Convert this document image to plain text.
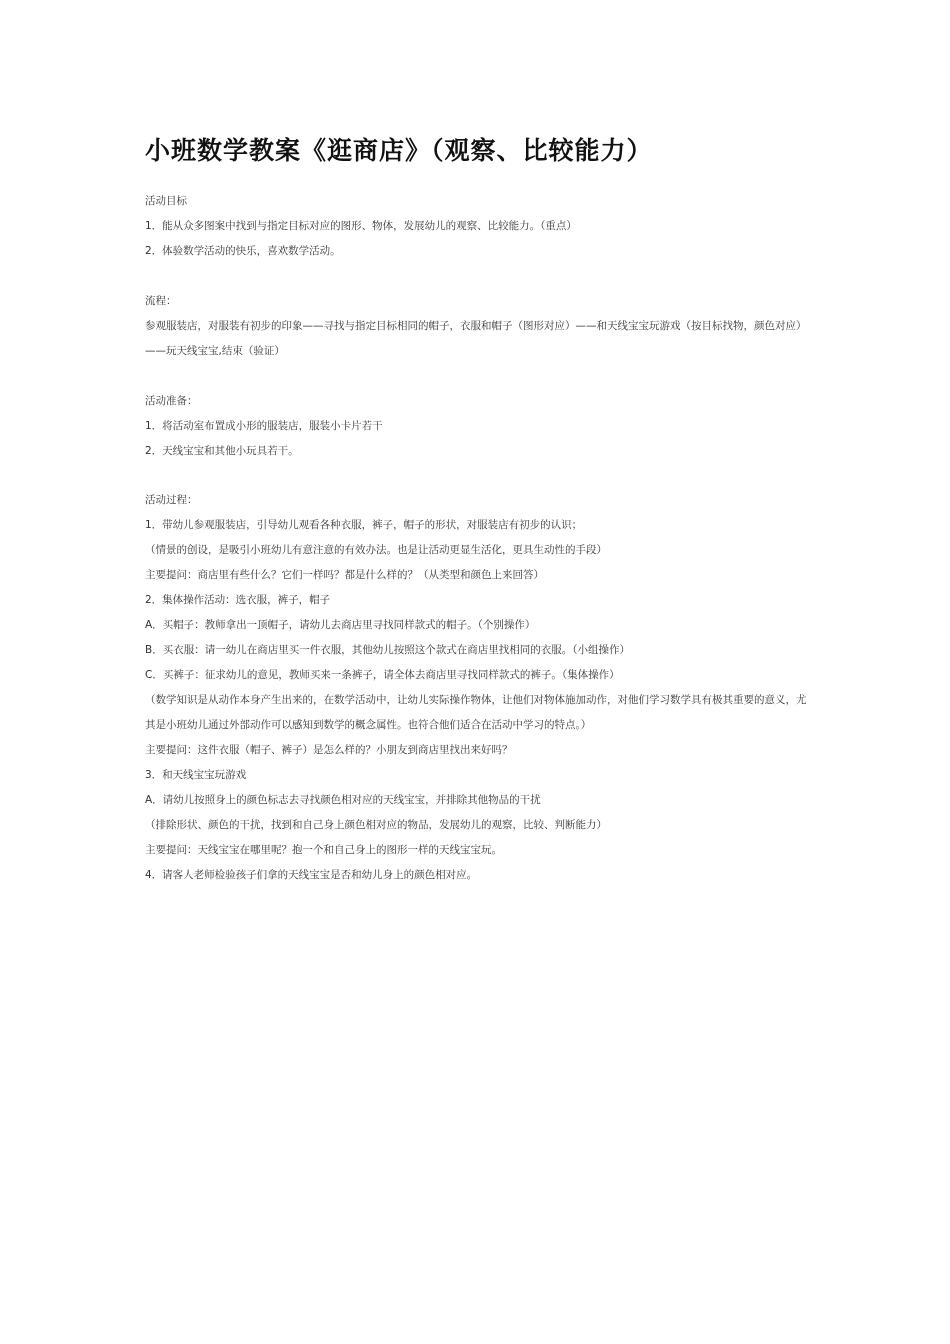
小班数学教案《逛商店》（观察、比较能力）
活动目标
1．能从众多图案中找到与指定目标对应的图形、物体，发展幼儿的观察、比较能力。（重点）
2．体验数学活动的快乐，喜欢数学活动。
流程：
参观服装店，对服装有初步的印象——寻找与指定目标相同的帽子，衣服和帽子（图形对应）——和天线宝宝玩游戏（按目标找物，颜色对应）——玩天线宝宝,结束（验证）
活动准备：
1．将活动室布置成小形的服装店，服装小卡片若干
2．天线宝宝和其他小玩具若干。
活动过程：
1．带幼儿参观服装店，引导幼儿观看各种衣服，裤子，帽子的形状，对服装店有初步的认识；
（情景的创设，是吸引小班幼儿有意注意的有效办法。也是让活动更显生活化，更具生动性的手段）
主要提问：商店里有些什么？它们一样吗？都是什么样的？（从类型和颜色上来回答）
2．集体操作活动：选衣服，裤子，帽子
A．买帽子：教师拿出一顶帽子，请幼儿去商店里寻找同样款式的帽子。（个别操作）
B．买衣服：请一幼儿在商店里买一件衣服，其他幼儿按照这个款式在商店里找相同的衣服。（小组操作）
C．买裤子：征求幼儿的意见，教师买来一条裤子，请全体去商店里寻找同样款式的裤子。（集体操作）
（数学知识是从动作本身产生出来的，在数学活动中，让幼儿实际操作物体，让他们对物体施加动作，对他们学习数学具有极其重要的意义，尤其是小班幼儿通过外部动作可以感知到数学的概念属性。也符合他们适合在活动中学习的特点。）
主要提问：这件衣服（帽子、裤子）是怎么样的？小朋友到商店里找出来好吗？
3．和天线宝宝玩游戏
A．请幼儿按照身上的颜色标志去寻找颜色相对应的天线宝宝，并排除其他物品的干扰
（排除形状、颜色的干扰，找到和自己身上颜色相对应的物品，发展幼儿的观察，比较、判断能力）
主要提问：天线宝宝在哪里呢？抱一个和自己身上的图形一样的天线宝宝玩。
4．请客人老师检验孩子们拿的天线宝宝是否和幼儿身上的颜色相对应。
